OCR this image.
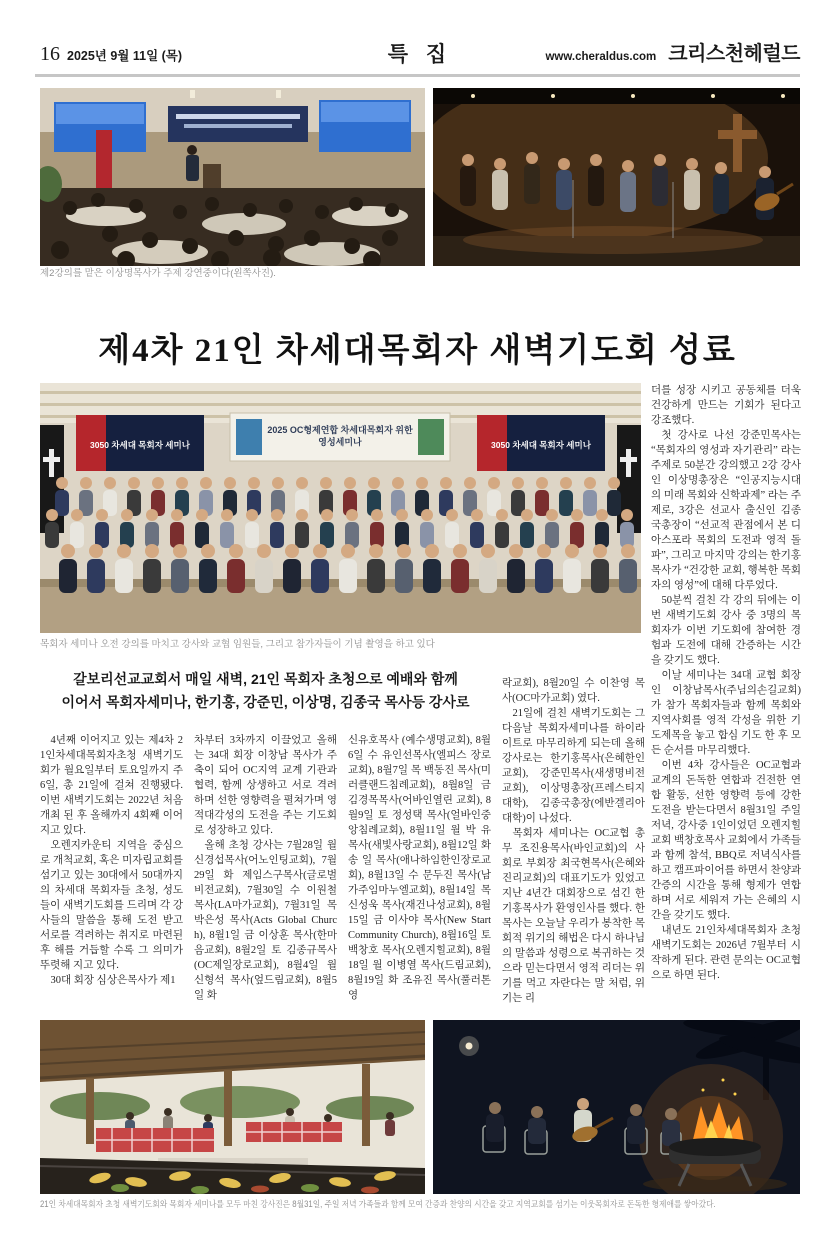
16 2025년 9월 11일 (목)	특 집	www.cheraldus.com 크리스천헤럴드
제2강의를 맡은 이상명목사가 주제 강연중이다(왼쪽사진).
제4차 21인 차세대목회자 새벽기도회 성료
3050 차세대 목회자 세미나
2025 OC형제연합 차세대목회자 위한 영성세미나	3050 차세대 목회자 세미나
목회자 세미나 오전 강의를 마치고 강사와 교협 임원들, 그리고 참가자들이 기념 촬영을 하고 있다
갈보리선교교회서 매일 새벽, 21인 목회자 초청으로 예배와 함께
이어서 목회자세미나, 한기홍, 강준민, 이상명, 김종국 목사등 강사로

4년째 이어지고 있는 제4차 21인차세대목회자초청 새벽기도회가 월요일부터 토요일까지 주 6일, 총 21일에 걸쳐 진행됐다. 이번 새벽기도회는 2022년 처음 개최 된 후 올해까지 4회째 이어지고 있다.

오렌지카운티 지역을 중심으로 개척교회, 혹은 미자립교회를 섬기고 있는 30대에서 50대까지의 차세대 목회자들 초청, 성도들이 새벽기도회를 드리며 각 강사들의 말씀을 통해 도전 받고 서로를 격려하는 취지로 마련된 후 해를 거듭할 수록 그 의미가 뚜렷해 지고 있다.

30대 회장 심상은목사가 제1

차부터 3차까지 이끌었고 올해는 34대 회장 이창남 목사가 주축이 되어 OC지역 교계 기관과 협력, 함께 상생하고 서로 격려하며 선한 영향력을 펼쳐가며 영적대각성의 도전을 주는 기도회로 성장하고 있다.

올해 초청 강사는 7월28일 월 신경섭목사(어노인팅교회), 7월29일 화 제임스구목사(글로벌 비전교회), 7월30일 수 이원철 목사(LA마가교회), 7월31일 목 박은성 목사(Acts Global Church), 8월1일 금 이상훈 목사(한마음교회), 8월2일 토 김종규목사(OC제일장로교회), 8월4일 월 신형석 목사(엎드림교회), 8월5일 화

신유호목사 (예수생명교회), 8월6일 수 유인선목사(엘피스 장로교회), 8월7일 목 백동진 목사(미러클랜드침례교회), 8월8일 금 김경목목사(어바인열린 교회), 8월9일 토 정성택 목사(얼바인중앙침례교회), 8월11일 월 박 유 목사(새빛사랑교회), 8월12일 화 송 일 목사(애나하임한인장로교회), 8월13일 수 문두진 목사(남가주임마누엘교회), 8월14일 목 신성욱 목사(재건나성교회), 8월15일 금 이사야 목사(New Start Community Church), 8월16일 토 백창호 목사(오렌지힐교회), 8월18일 월 이병열 목사(드림교회), 8월19일 화 조유진 목사(풀러톤영

락교회), 8월20일 수 이찬영 목사(OC마가교회) 였다.

21일에 걸친 새벽기도회는 그 다음날 목회자세미나를 하이라이트로 마무리하게 되는데 올해 강사로는 한기홍목사(은혜한인교회), 강준민목사(새생명비전교회), 이상명총장(프레스티지대학), 김종국총장(에반겔리아 대학)이 나섰다.

목회자 세미나는 OC교협 총무 조진용목사(바인교회)의 사회로 부회장 최국현목사(은혜와진리교회)의 대표기도가 있었고 지난 4년간 대회장으로 섬긴 한기홍목사가 환영인사를 했다. 한 목사는 오늘날 우리가 봉착한 목회적 위기의 해법은 다시 하나님의 말씀과 성령으로 복귀하는 것으라 믿는다면서 영적 리더는 위기를 먹고 자란다는 말 처럼, 위기는 리

더를 성장 시키고 공동체를 더욱 건강하게 만드는 기회가 된다고 강조했다.

첫 강사로 나선 강준민목사는 “목회자의 영성과 자기관리” 라는 주제로 50분간 강의했고 2강 강사인 이상명총장은 “인공지능시대의 미래 목회와 신학과제” 라는 주제로, 3강은 선교사 출신인 김종국총장이 “선교적 관점에서 본 디아스포라 목회의 도전과 영적 돌파”, 그리고 마지막 강의는 한기홍목사가 “건강한 교회, 행복한 목회자의 영성”에 대해 다루었다.

50분씩 걸친 각 강의 뒤에는 이번 새벽기도회 강사 중 3명의 목회자가 이번 기도회에 참여한 경험과 도전에 대해 간증하는 시간을 갖기도 했다.

이날 세미나는 34대 교협 회장인 이창남목사(주님의손길교회)가 참가 목회자들과 함께 목회와 지역사회를 영적 각성을 위한 기도제목을 놓고 합심 기도 한 후 모든 순서를 마무리했다.

이번 4차 강사들은 OC교협과 교계의 돈독한 연합과 건전한 연합 활동, 선한 영향력 등에 강한 도전을 받는다면서 8월31일 주일 저녁, 강사중 1인이었던 오렌지힐교회 백창호목사 교회에서 가족들과 함께 참석, BBQ로 저녁식사를 하고 캠프파이어를 하면서 찬양과 간증의 시간을 통해 형제가 연합하며 서로 세워져 가는 은혜의 시간을 갖기도 했다.

내년도 21인차세대목회자 초청새벽기도회는 2026년 7월부터 시작하게 된다. 관련 문의는 OC교협으로 하면 된다.

21인 차세대목회자 초청 새벽기도회와 목회자 세미나를 모두 마친 강사진은 8월31일, 주일 저녁 가족들과 함께 모여 간증과 찬양의 시간을 갖고 지역교회를 섬기는 이웃목회자로 돈독한 형제애를 쌓아갔다.
